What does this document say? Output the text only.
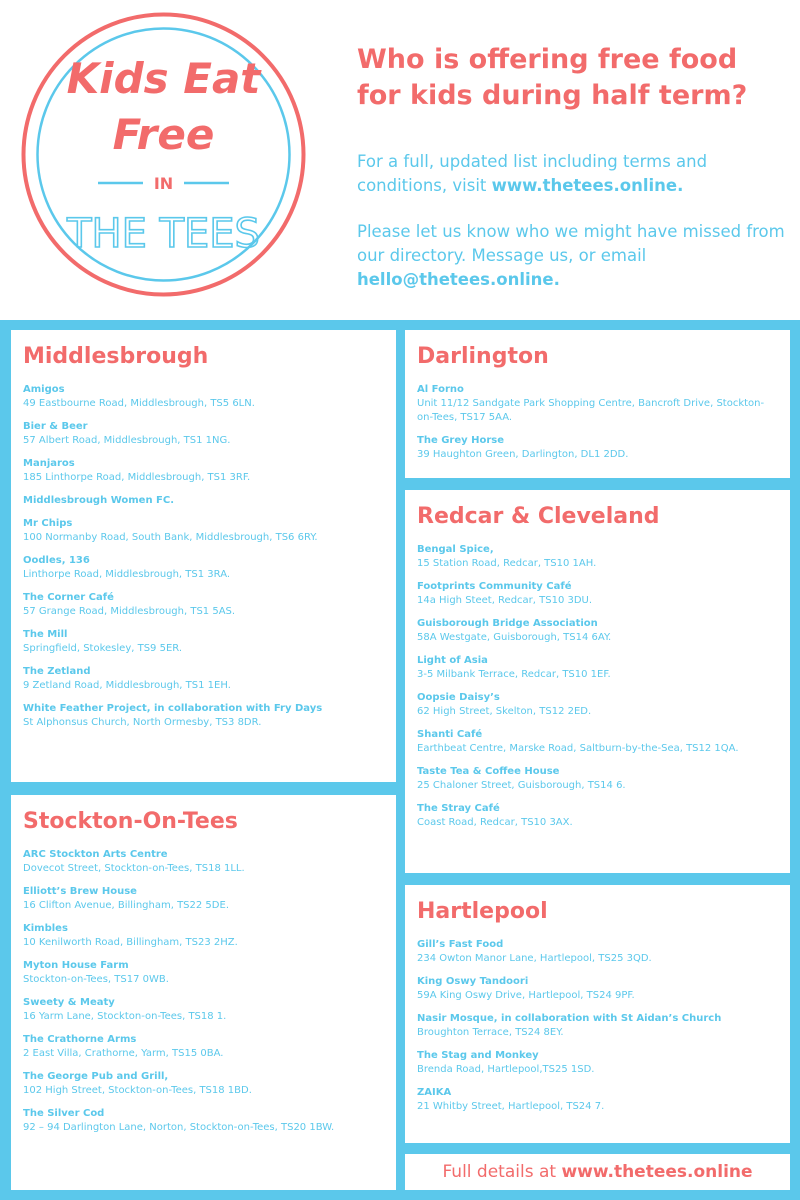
Kids Eat
Free
IN
THE TEES
Who is offering free food
for kids during half term?

For a full, updated list including terms and conditions, visit www.thetees.online.

Please let us know who we might have missed from our directory. Message us, or email hello@thetees.online.

Middlesbrough
Amigos
49 Eastbourne Road, Middlesbrough, TS5 6LN.
Bier & Beer
57 Albert Road, Middlesbrough, TS1 1NG.
Manjaros
185 Linthorpe Road, Middlesbrough, TS1 3RF.
Middlesbrough Women FC.
Mr Chips
100 Normanby Road, South Bank, Middlesbrough, TS6 6RY.
Oodles, 136
Linthorpe Road, Middlesbrough, TS1 3RA.
The Corner Café
57 Grange Road, Middlesbrough, TS1 5AS.
The Mill
Springfield, Stokesley, TS9 5ER.
The Zetland
9 Zetland Road, Middlesbrough, TS1 1EH.
White Feather Project, in collaboration with Fry Days
St Alphonsus Church, North Ormesby, TS3 8DR.
Stockton-On-Tees
ARC Stockton Arts Centre
Dovecot Street, Stockton-on-Tees, TS18 1LL.
Elliott’s Brew House
16 Clifton Avenue, Billingham, TS22 5DE.
Kimbles
10 Kenilworth Road, Billingham, TS23 2HZ.
Myton House Farm
Stockton-on-Tees, TS17 0WB.
Sweety & Meaty
16 Yarm Lane, Stockton-on-Tees, TS18 1.
The Crathorne Arms
2 East Villa, Crathorne, Yarm, TS15 0BA.
The George Pub and Grill,
102 High Street, Stockton-on-Tees, TS18 1BD.
The Silver Cod
92 – 94 Darlington Lane, Norton, Stockton-on-Tees, TS20 1BW.
Darlington
Al Forno
Unit 11/12 Sandgate Park Shopping Centre, Bancroft Drive, Stockton-on-Tees, TS17 5AA.
The Grey Horse
39 Haughton Green, Darlington, DL1 2DD.
Redcar & Cleveland
Bengal Spice,
15 Station Road, Redcar, TS10 1AH.
Footprints Community Café
14a High Steet, Redcar, TS10 3DU.
Guisborough Bridge Association
58A Westgate, Guisborough, TS14 6AY.
Light of Asia
3-5 Milbank Terrace, Redcar, TS10 1EF.
Oopsie Daisy’s
62 High Street, Skelton, TS12 2ED.
Shanti Café
Earthbeat Centre, Marske Road, Saltburn-by-the-Sea, TS12 1QA.
Taste Tea & Coffee House
25 Chaloner Street, Guisborough, TS14 6.
The Stray Café
Coast Road, Redcar, TS10 3AX.
Hartlepool
Gill’s Fast Food
234 Owton Manor Lane, Hartlepool, TS25 3QD.
King Oswy Tandoori
59A King Oswy Drive, Hartlepool, TS24 9PF.
Nasir Mosque, in collaboration with St Aidan’s Church
Broughton Terrace, TS24 8EY.
The Stag and Monkey
Brenda Road, Hartlepool,TS25 1SD.
ZAIKA
21 Whitby Street, Hartlepool, TS24 7.
Full details at www.thetees.online
